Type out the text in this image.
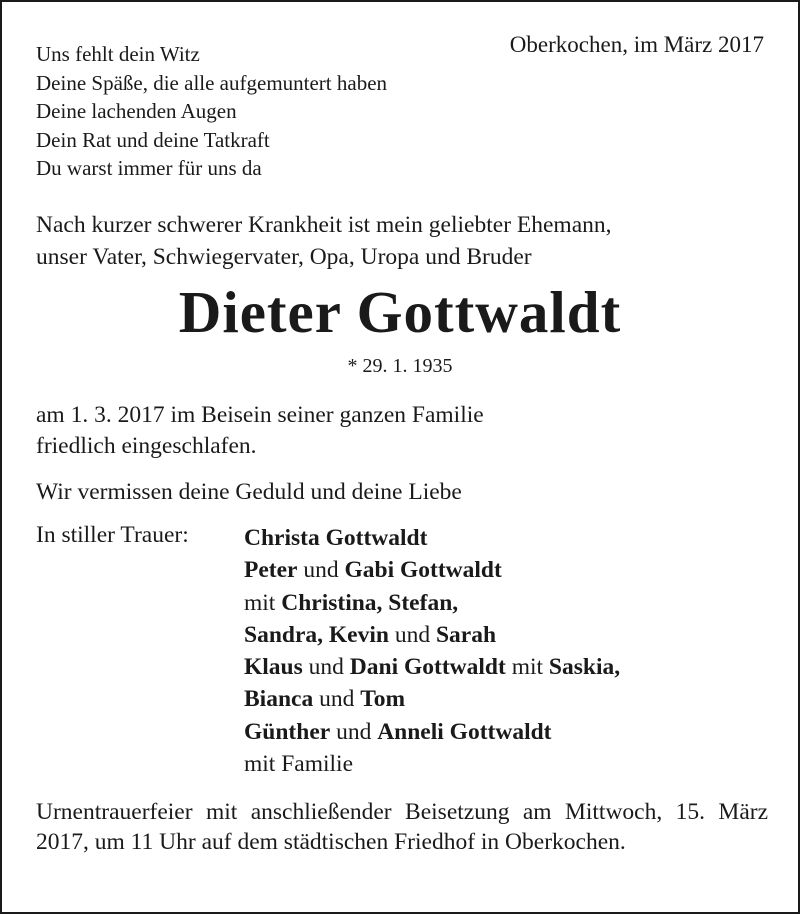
Uns fehlt dein Witz
Deine Späße, die alle aufgemuntert haben
Deine lachenden Augen
Dein Rat und deine Tatkraft
Du warst immer für uns da
Oberkochen, im März 2017
Nach kurzer schwerer Krankheit ist mein geliebter Ehemann,
unser Vater, Schwiegervater, Opa, Uropa und Bruder
Dieter Gottwaldt
* 29. 1. 1935
am 1. 3. 2017 im Beisein seiner ganzen Familie
friedlich eingeschlafen.
Wir vermissen deine Geduld und deine Liebe
In stiller Trauer: Christa Gottwaldt
Peter und Gabi Gottwaldt
mit Christina, Stefan,
Sandra, Kevin und Sarah
Klaus und Dani Gottwaldt mit Saskia,
Bianca und Tom
Günther und Anneli Gottwaldt
mit Familie
Urnentrauerfeier mit anschließender Beisetzung am Mittwoch, 15. März 2017, um 11 Uhr auf dem städtischen Friedhof in Oberkochen.
